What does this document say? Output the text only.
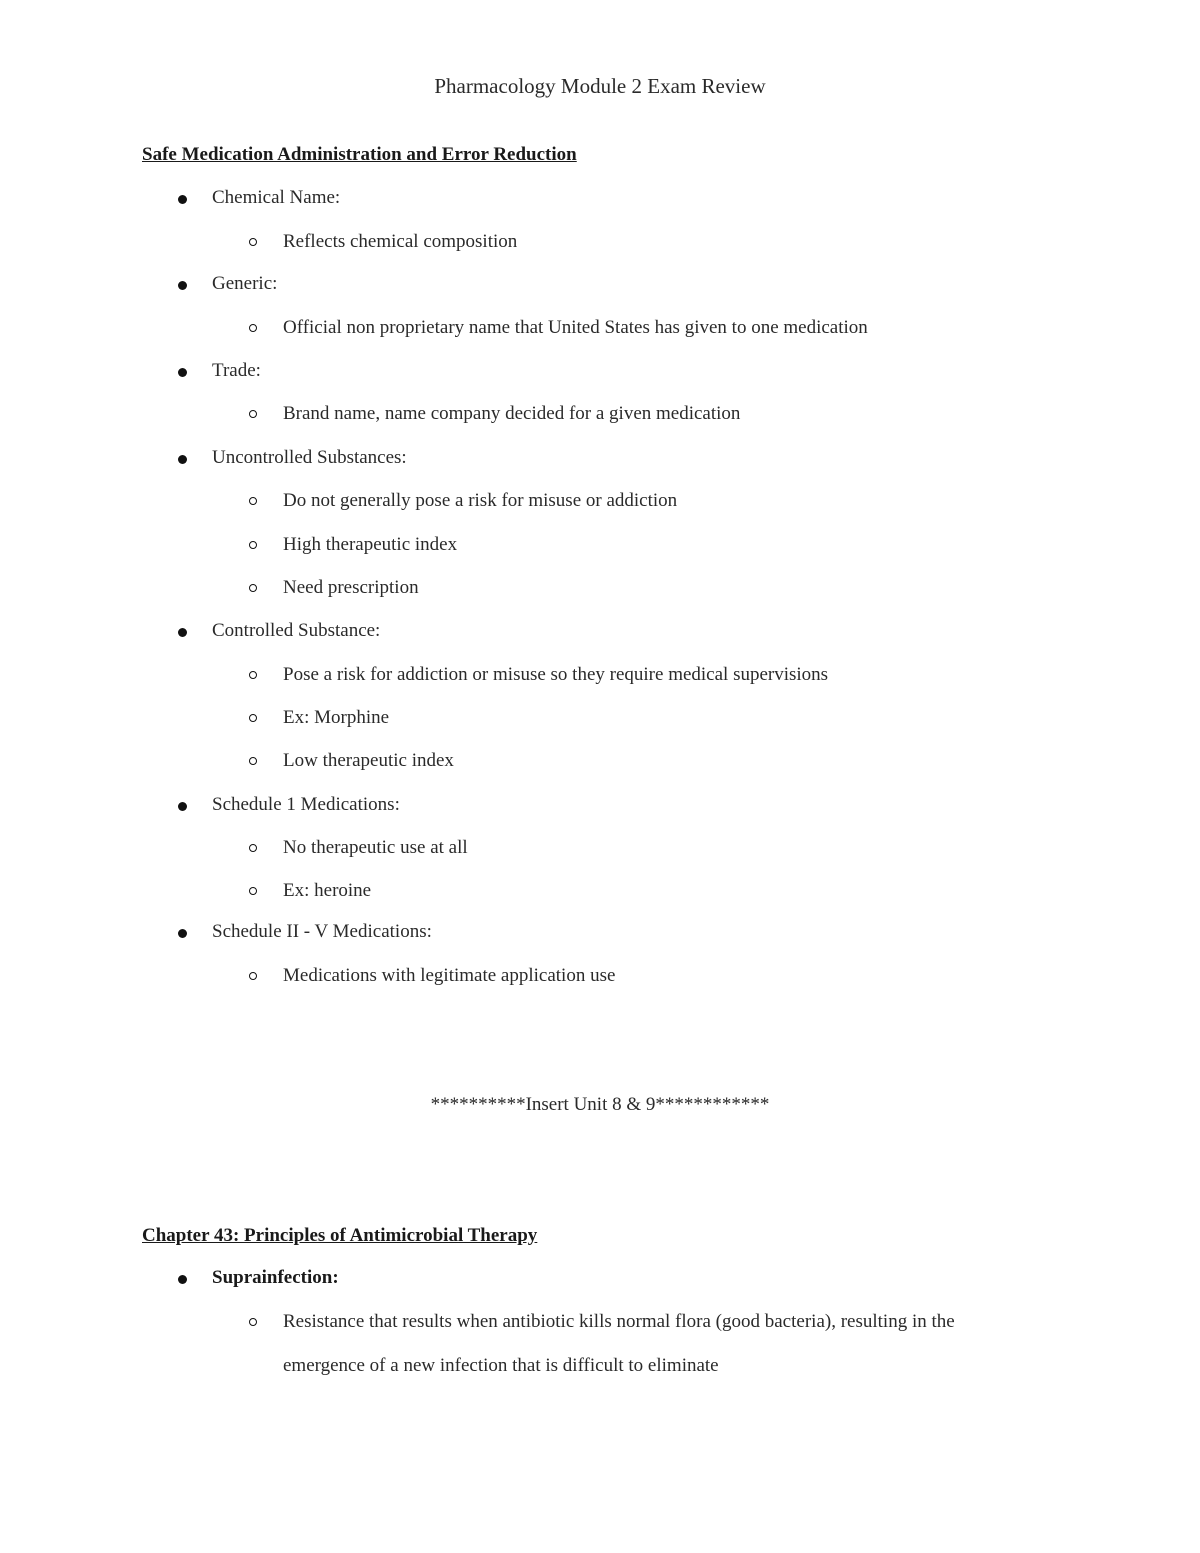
Pharmacology Module 2 Exam Review
Safe Medication Administration and Error Reduction
Chemical Name:
Reflects chemical composition
Generic:
Official non proprietary name that United States has given to one medication
Trade:
Brand name, name company decided for a given medication
Uncontrolled Substances:
Do not generally pose a risk for misuse or addiction
High therapeutic index
Need prescription
Controlled Substance:
Pose a risk for addiction or misuse so they require medical supervisions
Ex: Morphine
Low therapeutic index
Schedule 1 Medications:
No therapeutic use at all
Ex: heroine
Schedule II - V Medications:
Medications with legitimate application use
**********Insert Unit 8 & 9************
Chapter 43: Principles of Antimicrobial Therapy
Suprainfection:
Resistance that results when antibiotic kills normal flora (good bacteria), resulting in the
emergence of a new infection that is difficult to eliminate
